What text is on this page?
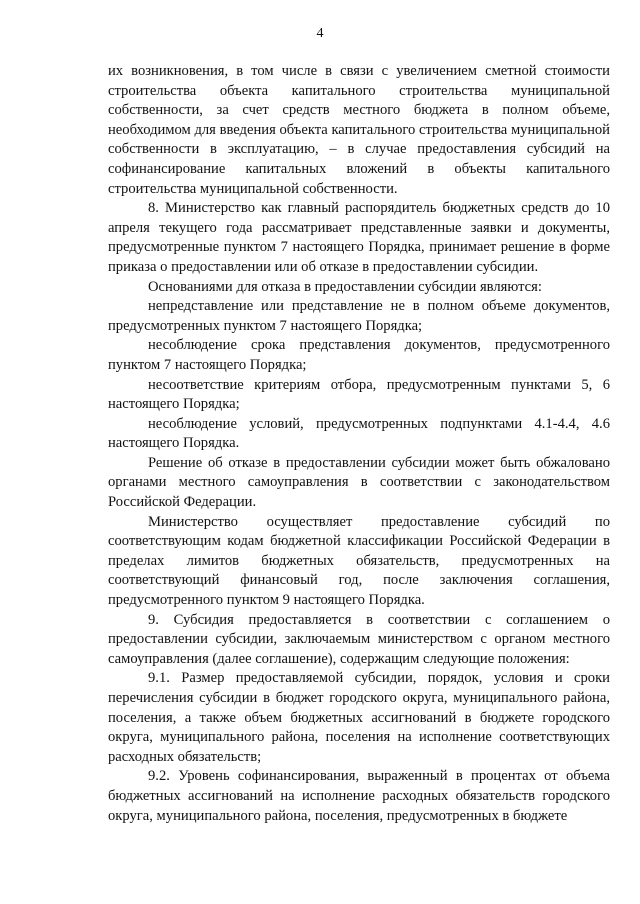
4

их возникновения, в том числе в связи с увеличением сметной стоимости строительства объекта капитального строительства муниципальной собственности, за счет средств местного бюджета в полном объеме, необходимом для введения объекта капитального строительства муниципальной собственности в эксплуатацию, – в случае предоставления субсидий на софинансирование капитальных вложений в объекты капитального строительства муниципальной собственности.

8. Министерство как главный распорядитель бюджетных средств до 10 апреля текущего года рассматривает представленные заявки и документы, предусмотренные пунктом 7 настоящего Порядка, принимает решение в форме приказа о предоставлении или об отказе в предоставлении субсидии.

Основаниями для отказа в предоставлении субсидии являются:

непредставление или представление не в полном объеме документов, предусмотренных пунктом 7 настоящего Порядка;

несоблюдение срока представления документов, предусмотренного пунктом 7 настоящего Порядка;

несоответствие критериям отбора, предусмотренным пунктами 5, 6 настоящего Порядка;

несоблюдение условий, предусмотренных подпунктами 4.1-4.4, 4.6 настоящего Порядка.

Решение об отказе в предоставлении субсидии может быть обжаловано органами местного самоуправления в соответствии с законодательством Российской Федерации.

Министерство осуществляет предоставление субсидий по соответствующим кодам бюджетной классификации Российской Федерации в пределах лимитов бюджетных обязательств, предусмотренных на соответствующий финансовый год, после заключения соглашения, предусмотренного пунктом 9 настоящего Порядка.

9. Субсидия предоставляется в соответствии с соглашением о предоставлении субсидии, заключаемым министерством с органом местного самоуправления (далее соглашение), содержащим следующие положения:

9.1. Размер предоставляемой субсидии, порядок, условия и сроки перечисления субсидии в бюджет городского округа, муниципального района, поселения, а также объем бюджетных ассигнований в бюджете городского округа, муниципального района, поселения на исполнение соответствующих расходных обязательств;

9.2. Уровень софинансирования, выраженный в процентах от объема бюджетных ассигнований на исполнение расходных обязательств городского округа, муниципального района, поселения, предусмотренных в бюджете
